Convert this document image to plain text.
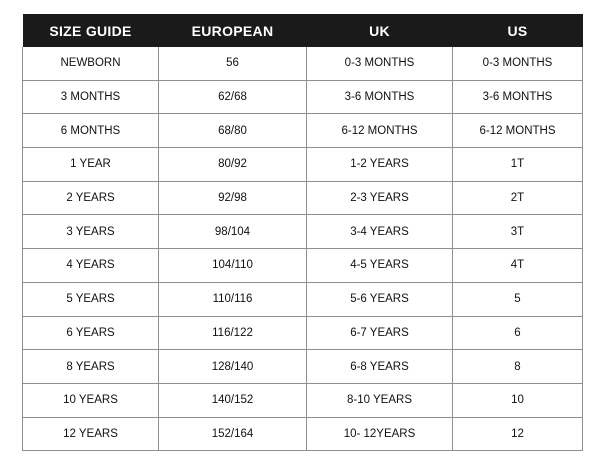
SIZE GUIDE	EUROPEAN	UK	US
NEWBORN	56	0-3 MONTHS	0-3 MONTHS
3 MONTHS	62/68	3-6 MONTHS	3-6 MONTHS
6 MONTHS	68/80	6-12 MONTHS	6-12 MONTHS
1 YEAR	80/92	1-2 YEARS	1T
2 YEARS	92/98	2-3 YEARS	2T
3 YEARS	98/104	3-4 YEARS	3T
4 YEARS	104/110	4-5 YEARS	4T
5 YEARS	110/116	5-6 YEARS	5
6 YEARS	116/122	6-7 YEARS	6
8 YEARS	128/140	6-8 YEARS	8
10 YEARS	140/152	8-10 YEARS	10
12 YEARS	152/164	10- 12YEARS	12
